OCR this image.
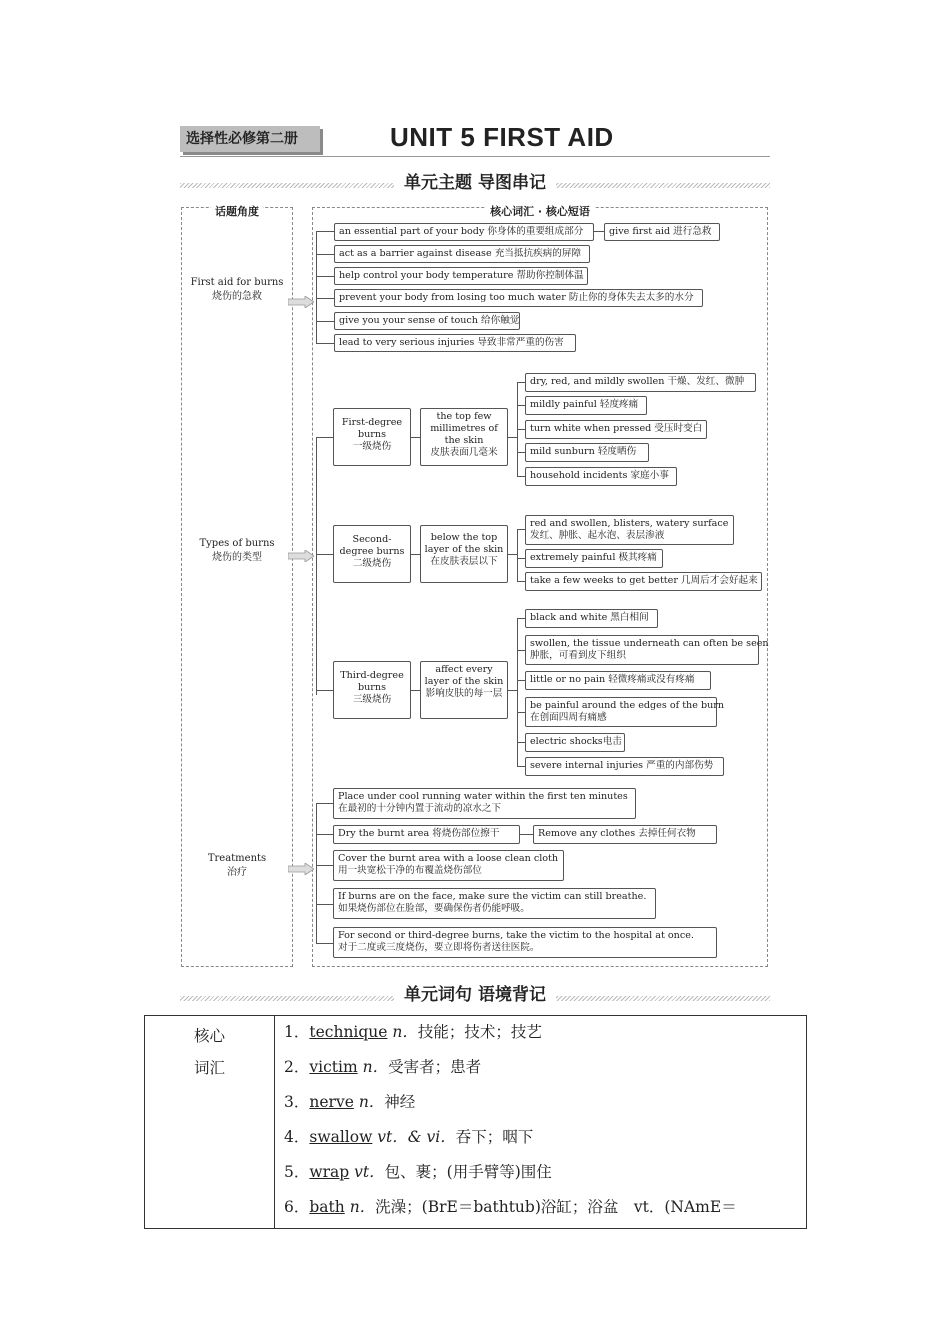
选择性必修第二册	UNIT 5 FIRST AID
单元主题 导图串记
话题角度	核心词汇 · 核心短语
First aid for burns
烧伤的急救
Types of burns
烧伤的类型
Treatments
治疗
an essential part of your body 你身体的重要组成部分	give first aid 进行急救
act as a barrier against disease 充当抵抗疾病的屏障
help control your body temperature 帮助你控制体温
prevent your body from losing too much water 防止你的身体失去太多的水分
give you your sense of touch 给你触觉
lead to very serious injuries 导致非常严重的伤害
First-degree burns
一级烧伤
the top few millimetres of the skin
皮肤表面几毫米
dry, red, and mildly swollen 干燥、发红、微肿
mildly painful 轻度疼痛
turn white when pressed 受压时变白
mild sunburn 轻度晒伤
household incidents 家庭小事
Second-degree burns
二级烧伤
below the top layer of the skin
在皮肤表层以下
red and swollen, blisters, watery surface
发红、肿胀、起水泡、表层渗液
extremely painful 极其疼痛
take a few weeks to get better 几周后才会好起来
Third-degree burns
三级烧伤
affect every layer of the skin
影响皮肤的每一层
black and white 黑白相间
swollen, the tissue underneath can often be seen
肿胀，可看到皮下组织
little or no pain 轻微疼痛或没有疼痛
be painful around the edges of the burn
在创面四周有痛感
electric shocks电击
severe internal injuries 严重的内部伤势
Place under cool running water within the first ten minutes
在最初的十分钟内置于流动的凉水之下
Dry the burnt area 将烧伤部位擦干	Remove any clothes 去掉任何衣物
Cover the burnt area with a loose clean cloth
用一块宽松干净的布覆盖烧伤部位
If burns are on the face, make sure the victim can still breathe.
如果烧伤部位在脸部，要确保伤者仍能呼吸。
For second or third-degree burns, take the victim to the hospital at once.
对于二度或三度烧伤，要立即将伤者送往医院。
单元词句 语境背记
核心
词汇

1．technique n．技能；技术；技艺
2．victim n．受害者；患者
3．nerve n．神经
4．swallow vt．& vi．吞下；咽下
5．wrap vt．包、裹；(用手臂等)围住
6．bath n．洗澡；(BrE＝bathtub)浴缸；浴盆　vt．(NAmE＝
